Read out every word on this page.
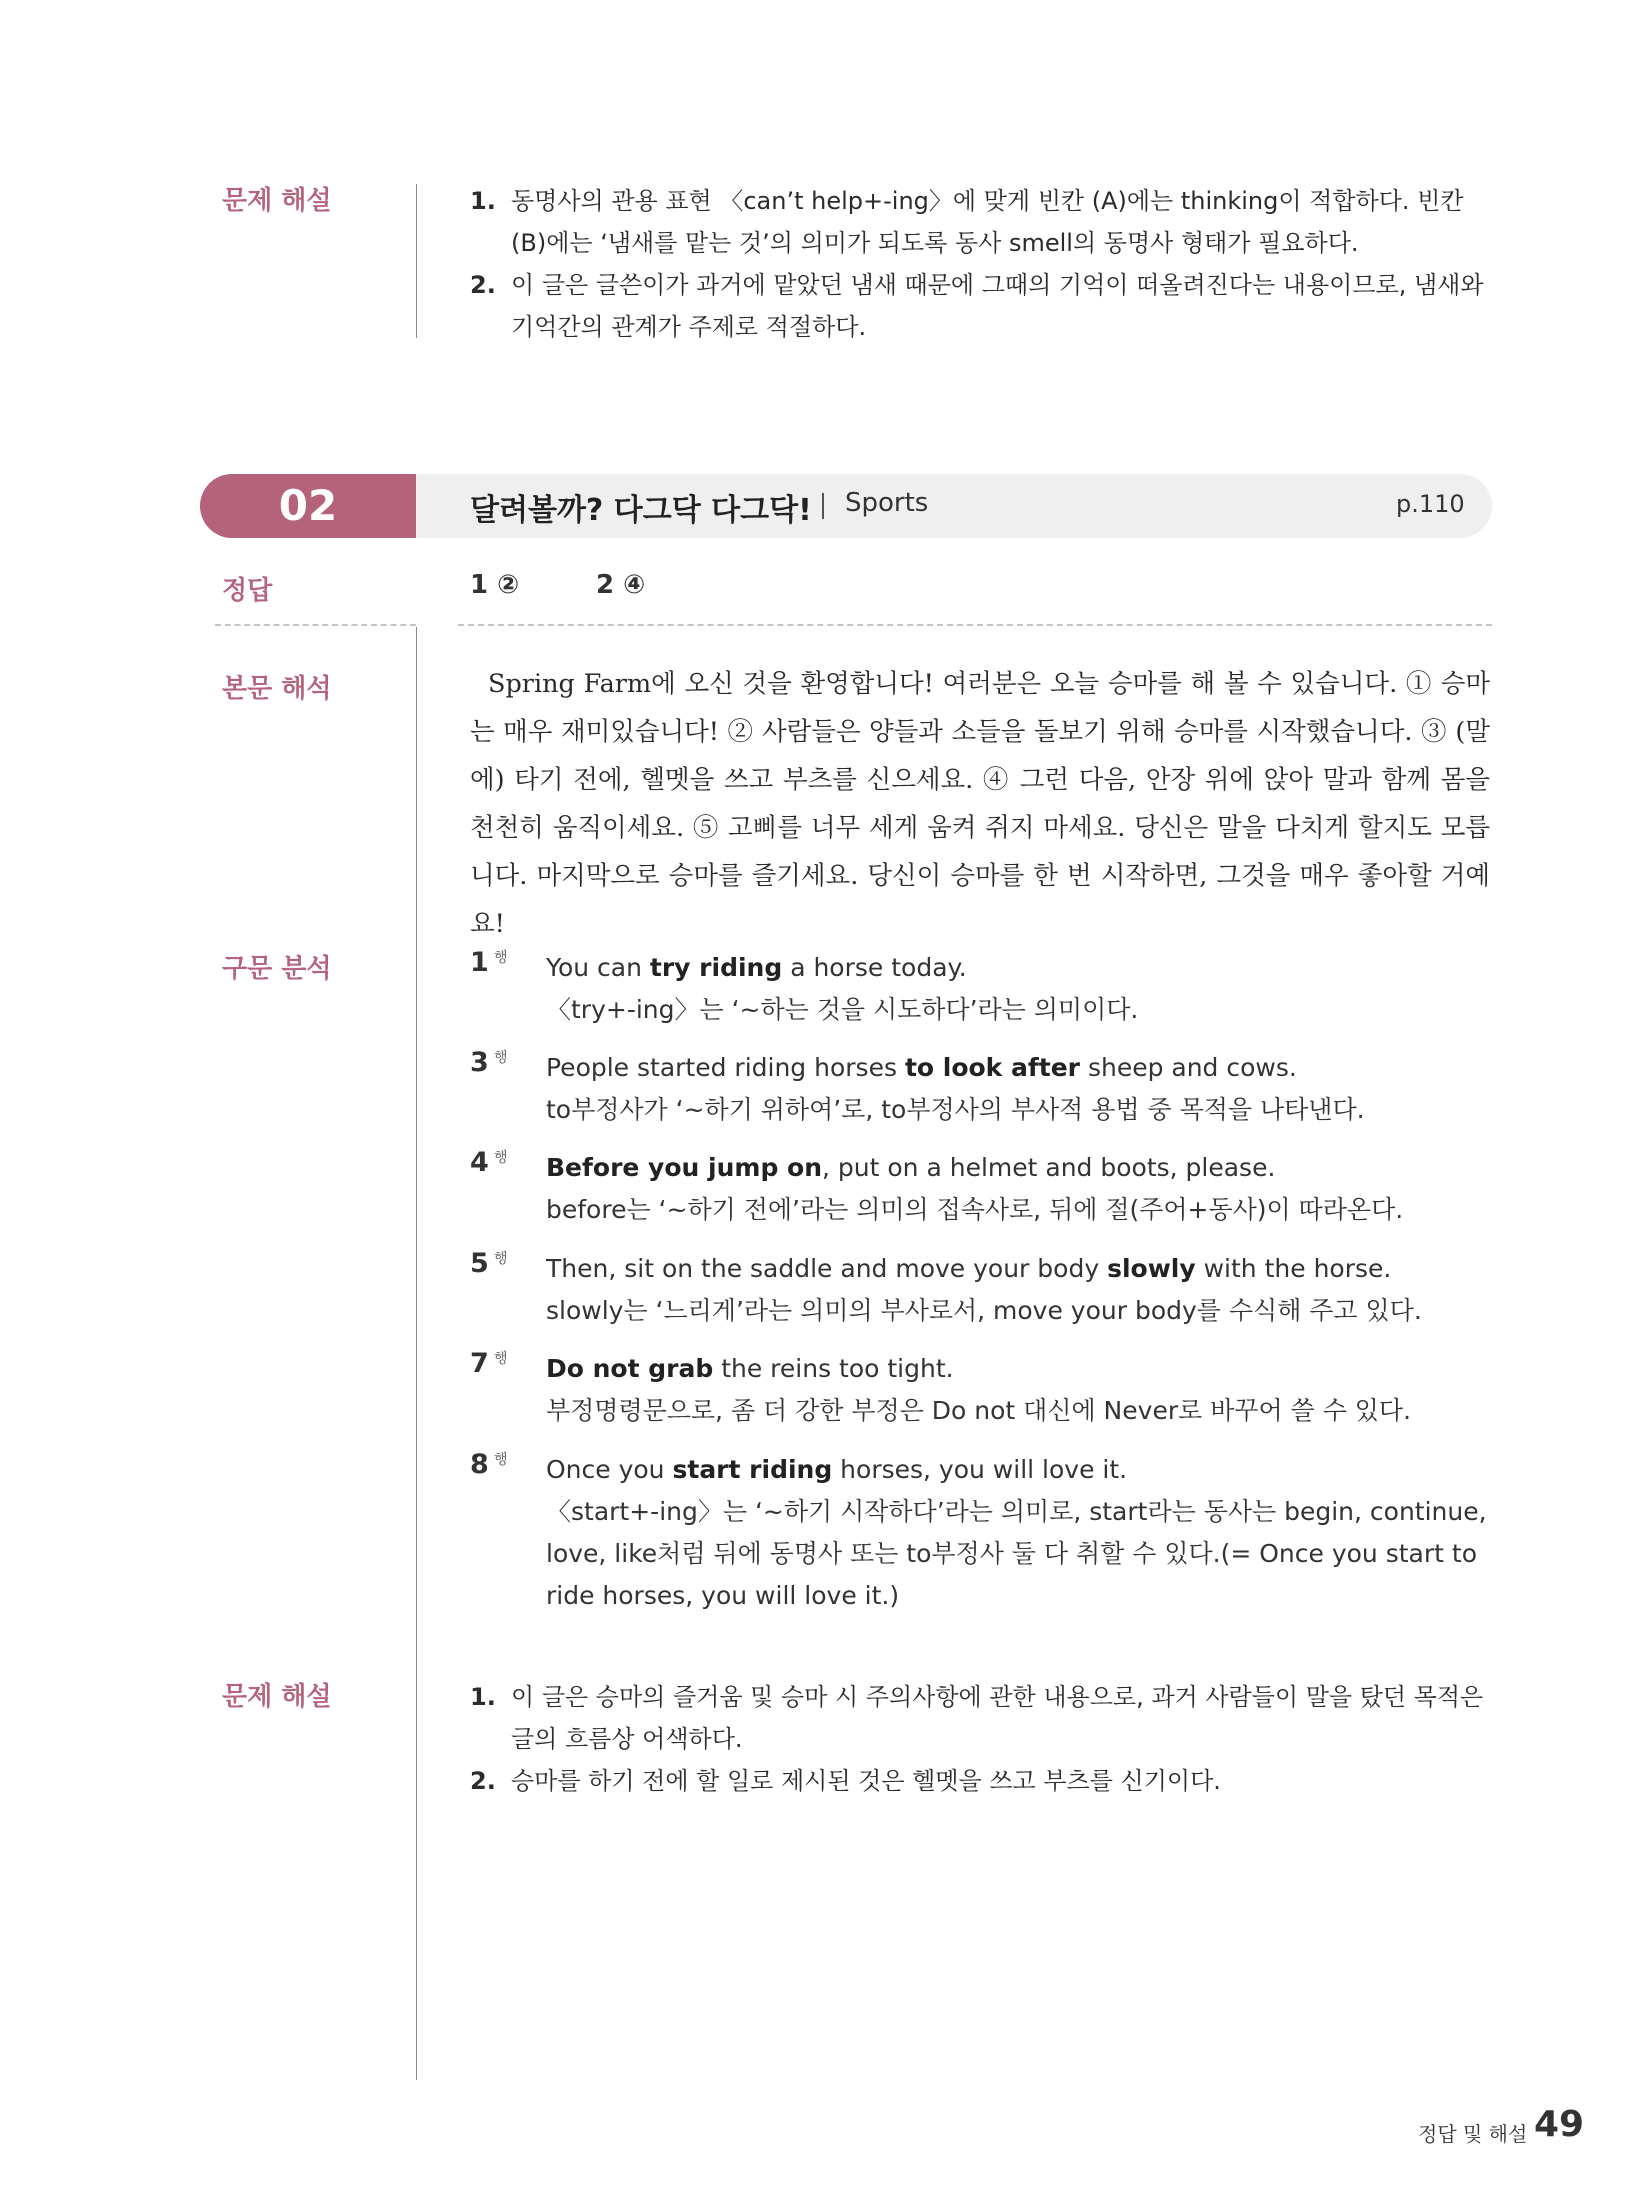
문제 해설	1. 동명사의 관용 표현 〈can’t help+-ing〉에 맞게 빈칸 (A)에는 thinking이 적합하다. 빈칸 (B)에는 ‘냄새를 맡는 것’의 의미가 되도록 동사 smell의 동명사 형태가 필요하다.
2. 이 글은 글쓴이가 과거에 맡았던 냄새 때문에 그때의 기억이 떠올려진다는 내용이므로, 냄새와 기억간의 관계가 주제로 적절하다.
02	달려볼까? 다그닥 다그닥! Sports	p.110
정답	1 ②	2 ④
본문 해석	Spring Farm에 오신 것을 환영합니다! 여러분은 오늘 승마를 해 볼 수 있습니다. ① 승마는 매우 재미있습니다! ② 사람들은 양들과 소들을 돌보기 위해 승마를 시작했습니다. ③ (말에) 타기 전에, 헬멧을 쓰고 부츠를 신으세요. ④ 그런 다음, 안장 위에 앉아 말과 함께 몸을 천천히 움직이세요. ⑤ 고삐를 너무 세게 움켜 쥐지 마세요. 당신은 말을 다치게 할지도 모릅니다. 마지막으로 승마를 즐기세요. 당신이 승마를 한 번 시작하면, 그것을 매우 좋아할 거예요!
구문 분석	1 행 You can try riding a horse today.
〈try+-ing〉는 ‘~하는 것을 시도하다’라는 의미이다.
3 행 People started riding horses to look after sheep and cows.
to부정사가 ‘~하기 위하여’로, to부정사의 부사적 용법 중 목적을 나타낸다.
4 행 Before you jump on, put on a helmet and boots, please.
before는 ‘~하기 전에’라는 의미의 접속사로, 뒤에 절(주어+동사)이 따라온다.
5 행 Then, sit on the saddle and move your body slowly with the horse.
slowly는 ‘느리게’라는 의미의 부사로서, move your body를 수식해 주고 있다.
7 행 Do not grab the reins too tight.
부정명령문으로, 좀 더 강한 부정은 Do not 대신에 Never로 바꾸어 쓸 수 있다.
8 행 Once you start riding horses, you will love it.
〈start+-ing〉는 ‘~하기 시작하다’라는 의미로, start라는 동사는 begin, continue, love, like처럼 뒤에 동명사 또는 to부정사 둘 다 취할 수 있다.(= Once you start to ride horses, you will love it.)
문제 해설	1. 이 글은 승마의 즐거움 및 승마 시 주의사항에 관한 내용으로, 과거 사람들이 말을 탔던 목적은 글의 흐름상 어색하다.
2. 승마를 하기 전에 할 일로 제시된 것은 헬멧을 쓰고 부츠를 신기이다.
정답 및 해설 49
